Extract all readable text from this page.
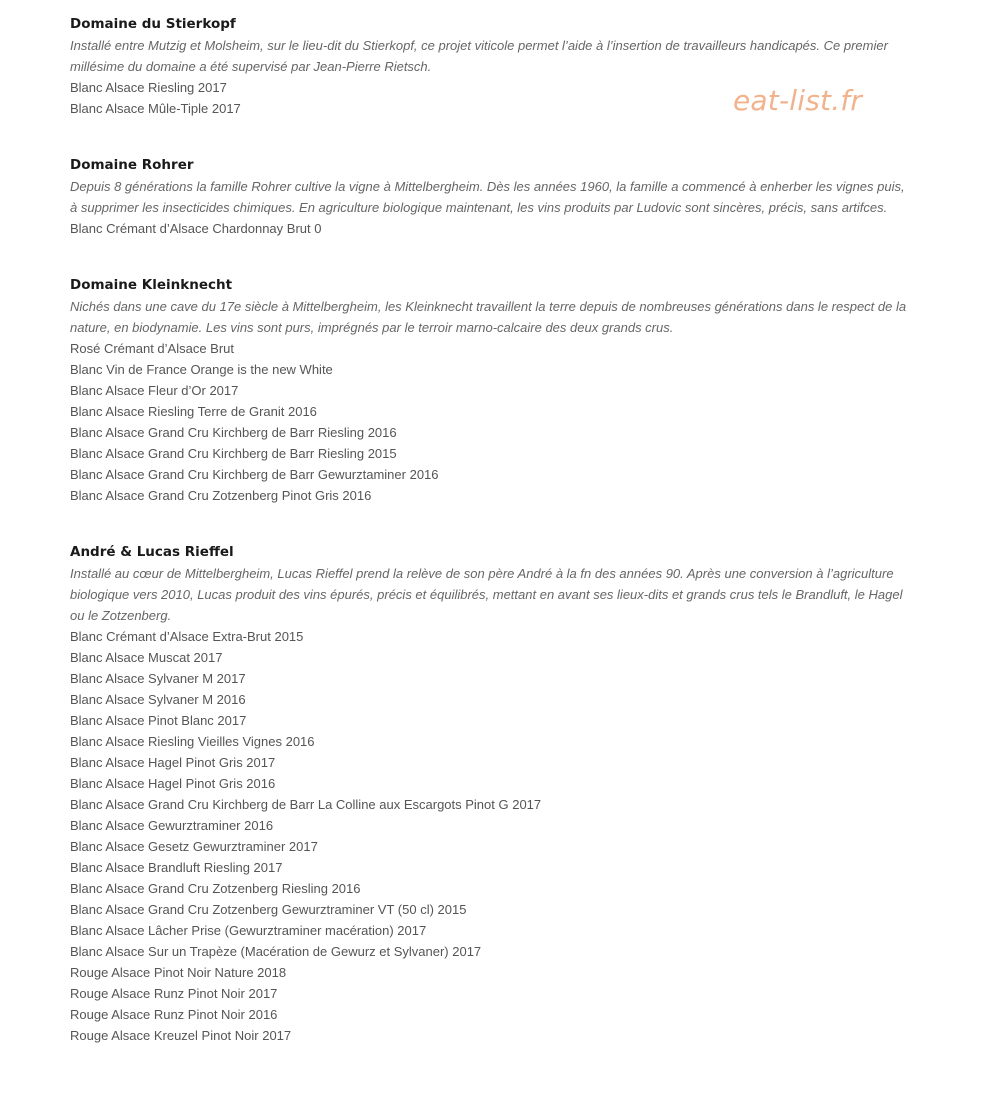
Domaine du Stierkopf

Installé entre Mutzig et Molsheim, sur le lieu-dit du Stierkopf, ce projet viticole permet l’aide à l’insertion de travailleurs handicapés. Ce premier millésime du domaine a été supervisé par Jean-Pierre Rietsch.

Blanc Alsace Riesling 2017
Blanc Alsace Mûle-Tiple 2017
Domaine Rohrer

Depuis 8 générations la famille Rohrer cultive la vigne à Mittelbergheim. Dès les années 1960, la famille a commencé à enherber les vignes puis, à supprimer les insecticides chimiques. En agriculture biologique maintenant, les vins produits par Ludovic sont sincères, précis, sans artifces.

Blanc Crémant d’Alsace Chardonnay Brut 0
Domaine Kleinknecht

Nichés dans une cave du 17e siècle à Mittelbergheim, les Kleinknecht travaillent la terre depuis de nombreuses générations dans le respect de la nature, en biodynamie. Les vins sont purs, imprégnés par le terroir marno-calcaire des deux grands crus.

Rosé Crémant d’Alsace Brut
Blanc Vin de France Orange is the new White
Blanc Alsace Fleur d’Or 2017
Blanc Alsace Riesling Terre de Granit 2016
Blanc Alsace Grand Cru Kirchberg de Barr Riesling 2016
Blanc Alsace Grand Cru Kirchberg de Barr Riesling 2015
Blanc Alsace Grand Cru Kirchberg de Barr Gewurztaminer 2016
Blanc Alsace Grand Cru Zotzenberg Pinot Gris 2016
André & Lucas Rieffel

Installé au cœur de Mittelbergheim, Lucas Rieffel prend la relève de son père André à la fn des années 90. Après une conversion à l’agriculture biologique vers 2010, Lucas produit des vins épurés, précis et équilibrés, mettant en avant ses lieux-dits et grands crus tels le Brandluft, le Hagel ou le Zotzenberg.

Blanc Crémant d’Alsace Extra-Brut 2015
Blanc Alsace Muscat 2017
Blanc Alsace Sylvaner M 2017
Blanc Alsace Sylvaner M 2016
Blanc Alsace Pinot Blanc 2017
Blanc Alsace Riesling Vieilles Vignes 2016
Blanc Alsace Hagel Pinot Gris 2017
Blanc Alsace Hagel Pinot Gris 2016
Blanc Alsace Grand Cru Kirchberg de Barr La Colline aux Escargots Pinot G 2017
Blanc Alsace Gewurztraminer 2016
Blanc Alsace Gesetz Gewurztraminer 2017
Blanc Alsace Brandluft Riesling 2017
Blanc Alsace Grand Cru Zotzenberg Riesling 2016
Blanc Alsace Grand Cru Zotzenberg Gewurztraminer VT (50 cl) 2015
Blanc Alsace Lâcher Prise (Gewurztraminer macération) 2017
Blanc Alsace Sur un Trapèze (Macération de Gewurz et Sylvaner) 2017
Rouge Alsace Pinot Noir Nature 2018
Rouge Alsace Runz Pinot Noir 2017
Rouge Alsace Runz Pinot Noir 2016
Rouge Alsace Kreuzel Pinot Noir 2017
eat-list.fr
